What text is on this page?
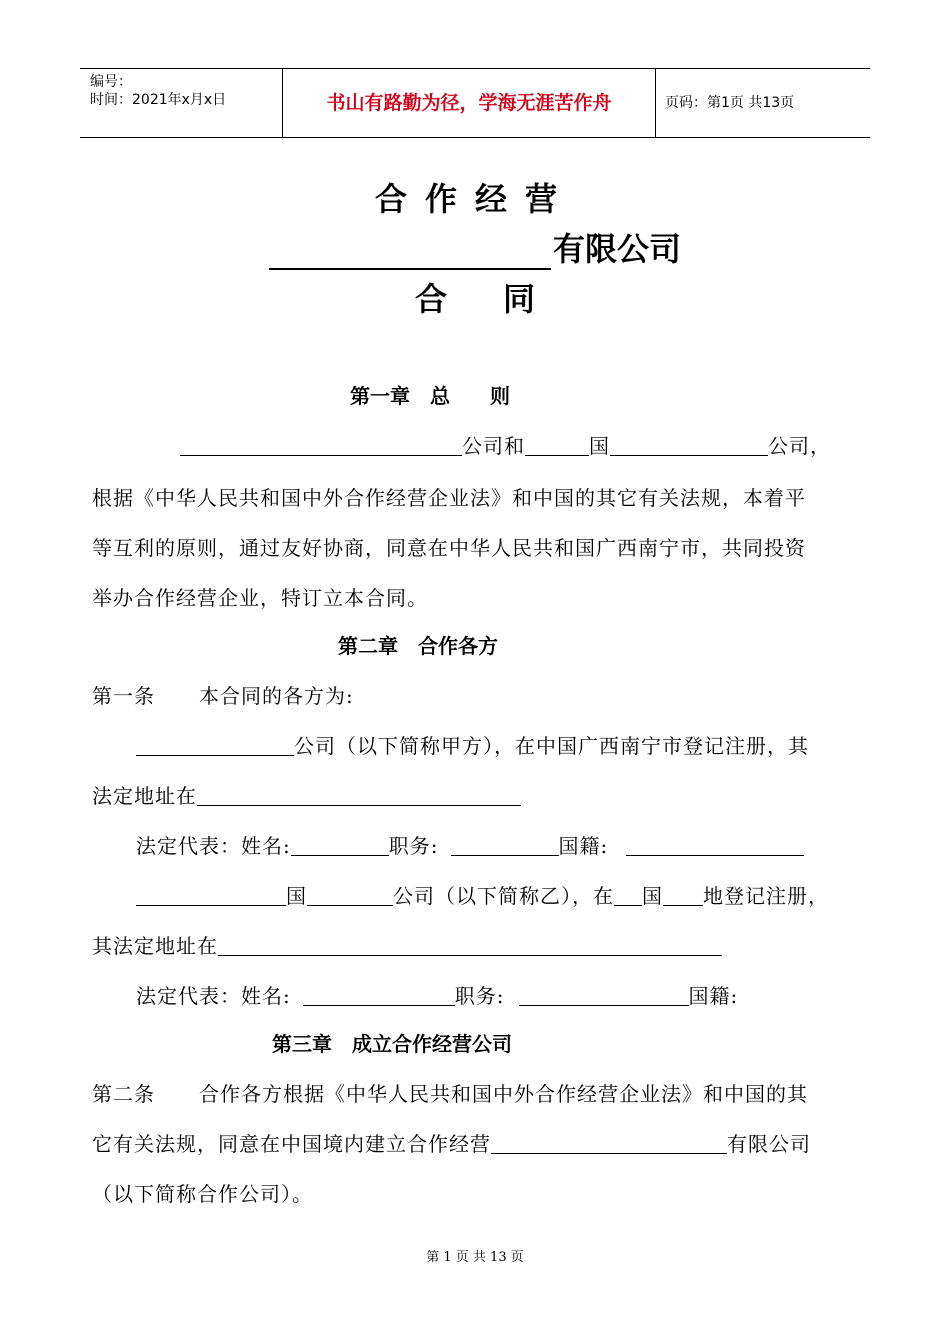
编号：
时间：2021年x月x日	书山有路勤为径，学海无涯苦作舟	页码：第1页 共13页
合作经营
有限公司
合同
第一章　总　　则
公司和	国	公司，
根据《中华人民共和国中外合作经营企业法》和中国的其它有关法规，本着平
等互利的原则，通过友好协商，同意在中华人民共和国广西南宁市，共同投资
举办合作经营企业，特订立本合同。
第二章　合作各方
第一条 本合同的各方为:
公司（以下简称甲方），在中国广西南宁市登记注册，其
法定地址在
法定代表：姓名:	职务:	国籍:
国	公司（以下简称乙），在 国 地登记注册，
其法定地址在
法定代表：姓名:	职务:	国籍:
第三章　成立合作经营公司
第二条 合作各方根据《中华人民共和国中外合作经营企业法》和中国的其
它有关法规，同意在中国境内建立合作经营	有限公司
（以下简称合作公司）。
第 1 页 共 13 页
